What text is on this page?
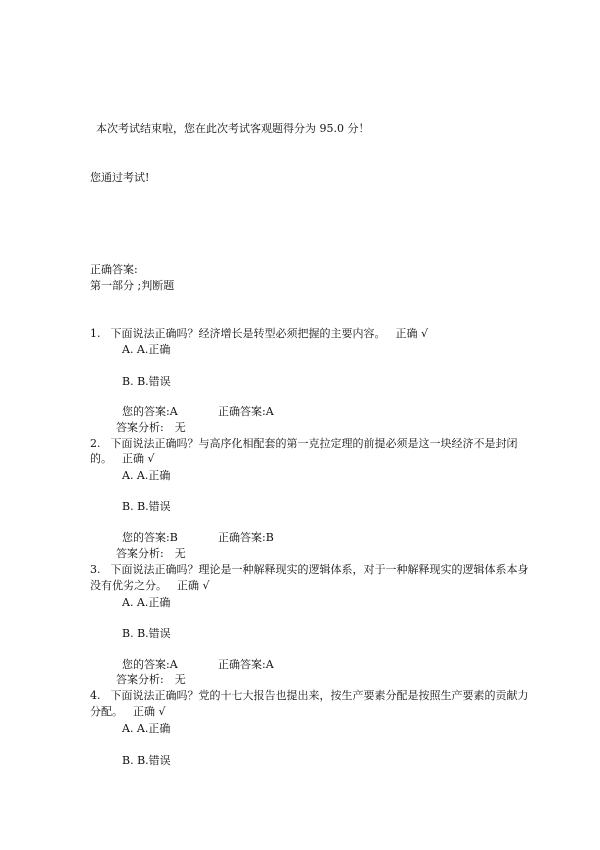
本次考试结束啦，您在此次考试客观题得分为 95.0 分！
您通过考试!
正确答案:
第一部分 ;判断题
1. 下面说法正确吗？经济增长是转型必须把握的主要内容。 正确 √
A. A.正确
B. B.错误
您的答案:A	正确答案:A
答案分析:　无
2. 下面说法正确吗？与高序化相配套的第一克拉定理的前提必须是这一块经济不是封闭
的。 正确 √
A. A.正确
B. B.错误
您的答案:B	正确答案:B
答案分析:　无
3. 下面说法正确吗？理论是一种解释现实的逻辑体系，对于一种解释现实的逻辑体系本身
没有优劣之分。 正确 √
A. A.正确
B. B.错误
您的答案:A	正确答案:A
答案分析:　无
4. 下面说法正确吗？党的十七大报告也提出来，按生产要素分配是按照生产要素的贡献力
分配。 正确 √
A. A.正确
B. B.错误
